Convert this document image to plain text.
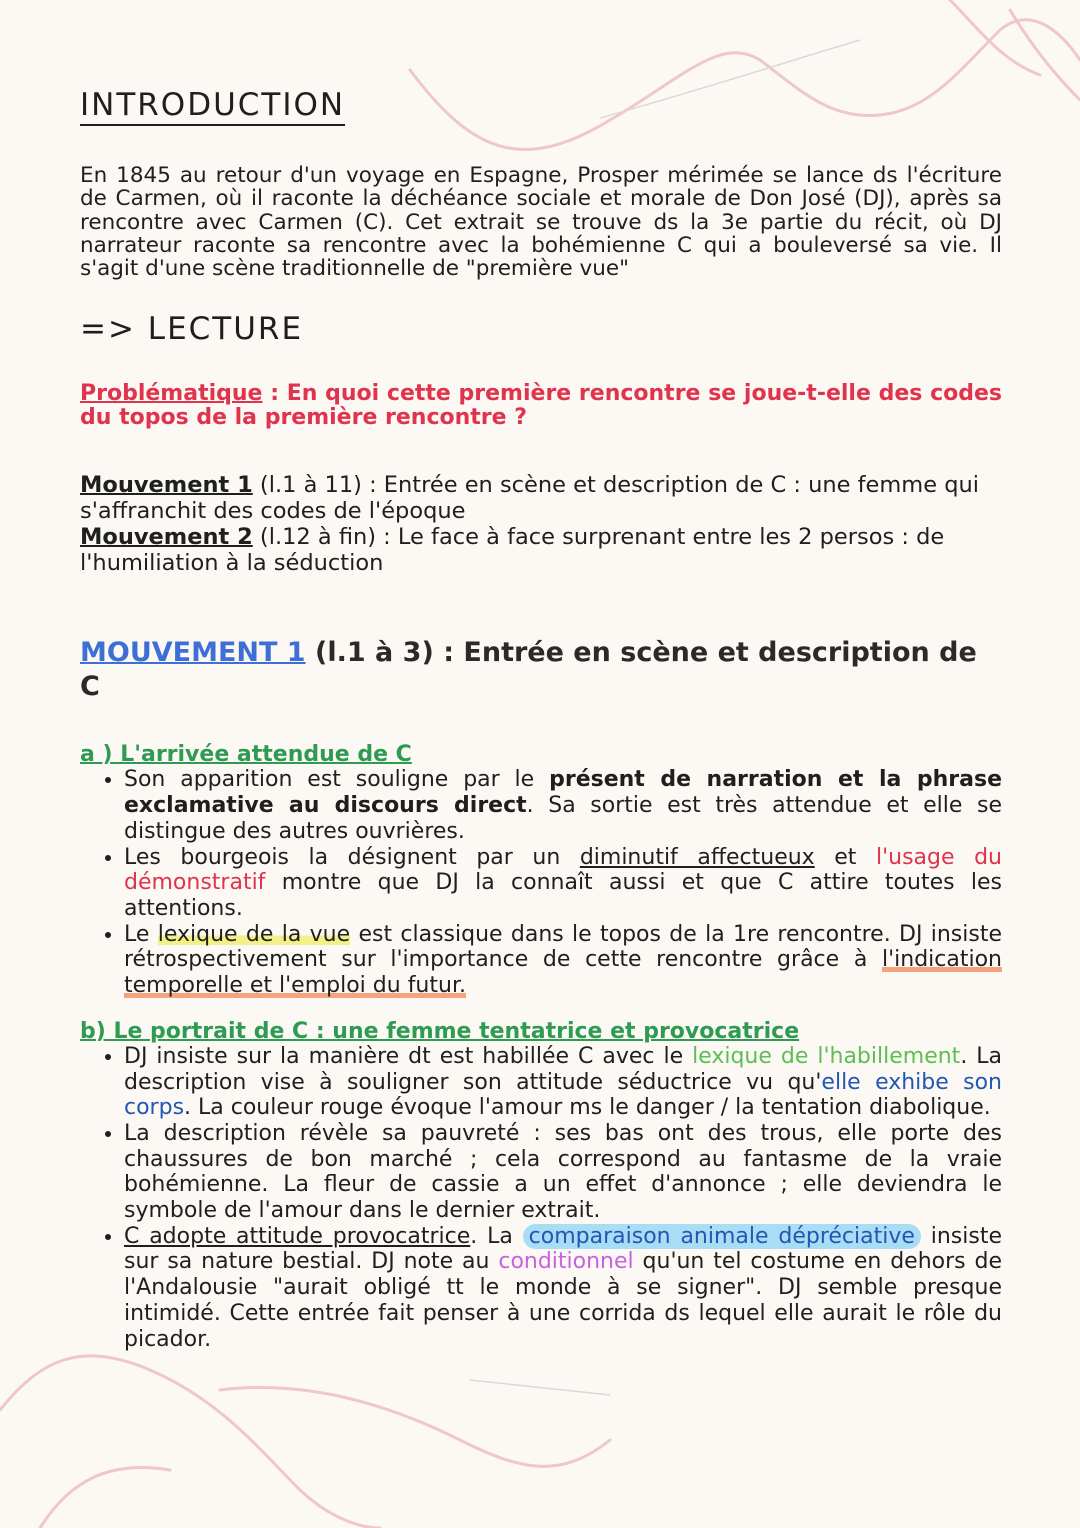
INTRODUCTION
En 1845 au retour d'un voyage en Espagne, Prosper mérimée se lance ds l'écriture de Carmen, où il raconte la déchéance sociale et morale de Don José (DJ), après sa rencontre avec Carmen (C). Cet extrait se trouve ds la 3e partie du récit, où DJ narrateur raconte sa rencontre avec la bohémienne C qui a bouleversé sa vie. Il s'agit d'une scène traditionnelle de "première vue"
=> LECTURE
Problématique : En quoi cette première rencontre se joue-t-elle des codes du topos de la première rencontre ?
Mouvement 1 (l.1 à 11) : Entrée en scène et description de C : une femme qui s'affranchit des codes de l'époque
Mouvement 2 (l.12 à fin) : Le face à face surprenant entre les 2 persos : de l'humiliation à la séduction
MOUVEMENT 1 (l.1 à 3) : Entrée en scène et description de C
a ) L'arrivée attendue de C
• Son apparition est souligne par le présent de narration et la phrase exclamative au discours direct. Sa sortie est très attendue et elle se distingue des autres ouvrières.
• Les bourgeois la désignent par un diminutif affectueux et l'usage du démonstratif montre que DJ la connaît aussi et que C attire toutes les attentions.
• Le lexique de la vue est classique dans le topos de la 1re rencontre. DJ insiste rétrospectivement sur l'importance de cette rencontre grâce à l'indication temporelle et l'emploi du futur.
b) Le portrait de C : une femme tentatrice et provocatrice
• DJ insiste sur la manière dt est habillée C avec le lexique de l'habillement. La description vise à souligner son attitude séductrice vu qu'elle exhibe son corps. La couleur rouge évoque l'amour ms le danger / la tentation diabolique.
• La description révèle sa pauvreté : ses bas ont des trous, elle porte des chaussures de bon marché ; cela correspond au fantasme de la vraie bohémienne. La fleur de cassie a un effet d'annonce ; elle deviendra le symbole de l'amour dans le dernier extrait.
• C adopte attitude provocatrice. La comparaison animale dépréciative insiste sur sa nature bestial. DJ note au conditionnel qu'un tel costume en dehors de l'Andalousie "aurait obligé tt le monde à se signer". DJ semble presque intimidé. Cette entrée fait penser à une corrida ds lequel elle aurait le rôle du picador.
